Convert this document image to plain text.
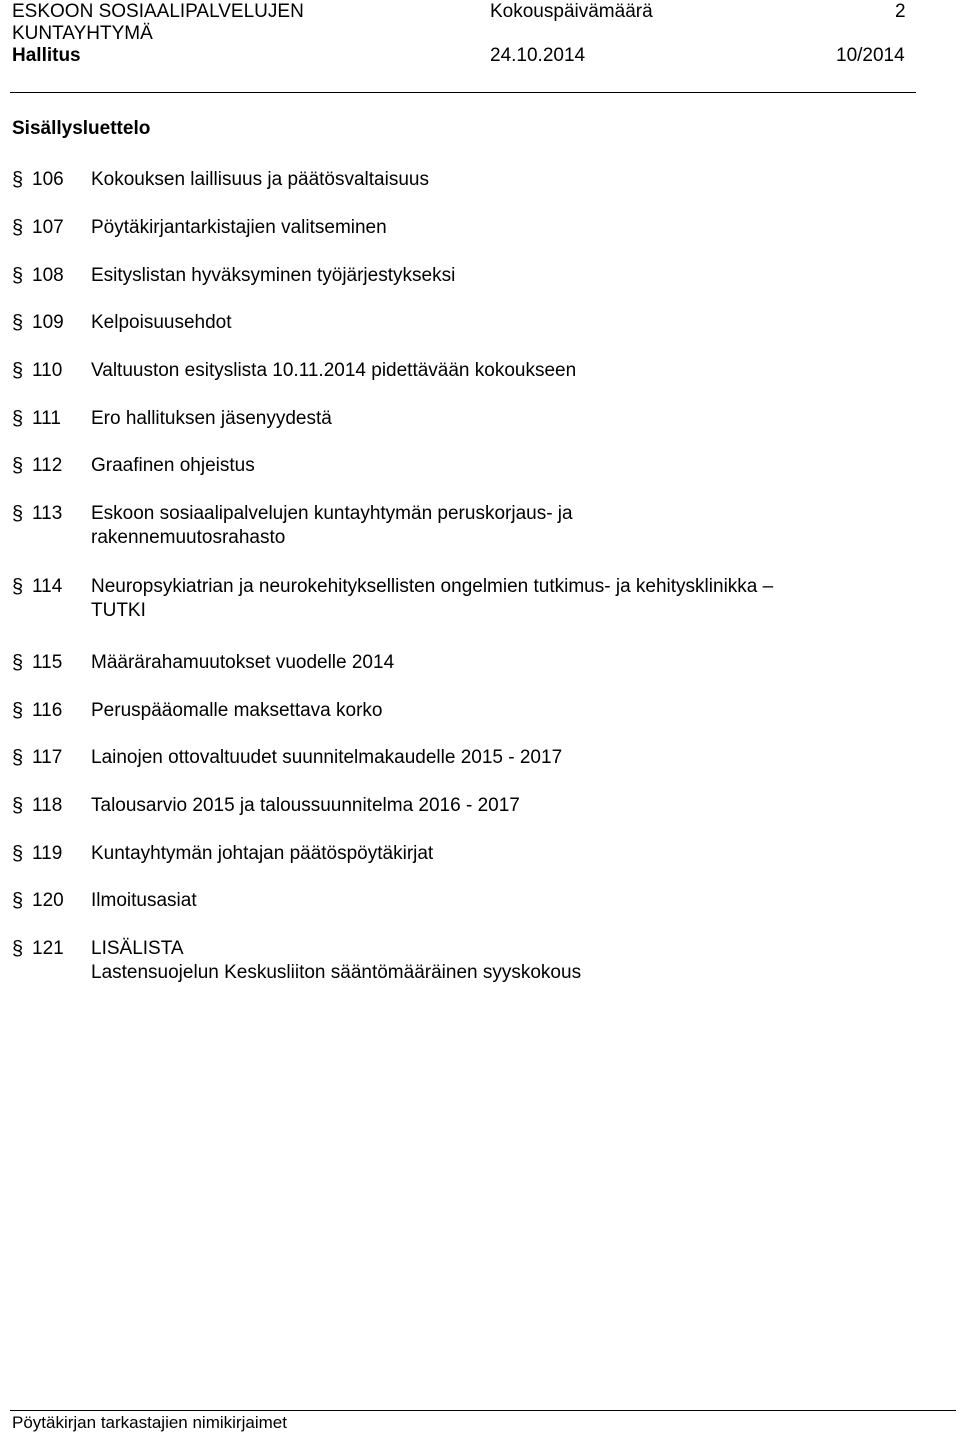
ESKOON SOSIAALIPALVELUJEN
KUNTAYHTYMÄ
Hallitus
Kokouspäivämäärä
24.10.2014
2
10/2014
Sisällysluettelo
§ 106 Kokouksen laillisuus ja päätösvaltaisuus
§ 107 Pöytäkirjantarkistajien valitseminen
§ 108 Esityslistan hyväksyminen työjärjestykseksi
§ 109 Kelpoisuusehdot
§ 110 Valtuuston esityslista 10.11.2014 pidettävään kokoukseen
§ 111 Ero hallituksen jäsenyydestä
§ 112 Graafinen ohjeistus
§ 113 Eskoon sosiaalipalvelujen kuntayhtymän peruskorjaus- ja
rakennemuutosrahasto
§ 114 Neuropsykiatrian ja neurokehityksellisten ongelmien tutkimus- ja kehitysklinikka –
TUTKI
§ 115 Määrärahamuutokset vuodelle 2014
§ 116 Peruspääomalle maksettava korko
§ 117 Lainojen ottovaltuudet suunnitelmakaudelle 2015 - 2017
§ 118 Talousarvio 2015 ja taloussuunnitelma 2016 - 2017
§ 119 Kuntayhtymän johtajan päätöspöytäkirjat
§ 120 Ilmoitusasiat
§ 121 LISÄLISTA
Lastensuojelun Keskusliiton sääntömääräinen syyskokous
Pöytäkirjan tarkastajien nimikirjaimet
